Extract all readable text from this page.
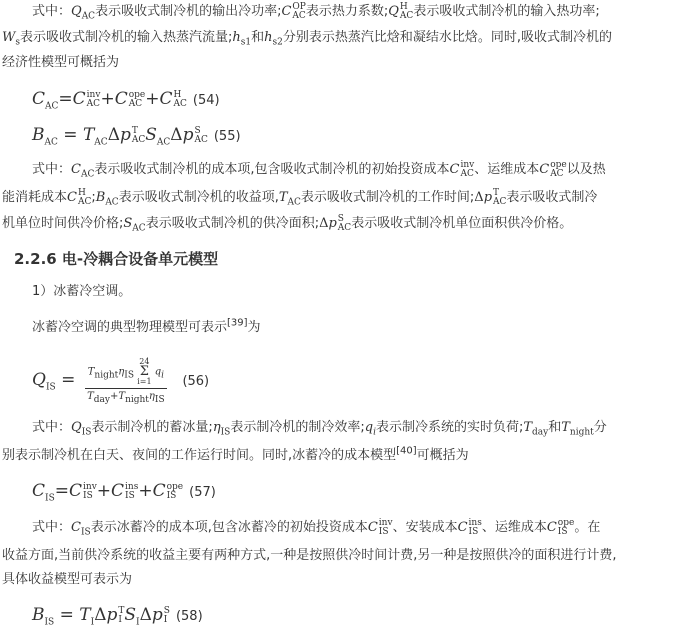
式中：$Q_{AC}$表示吸收式制冷机的输出冷功率;C OP
AC 表示热力系数;Q H
AC 表示吸收式制冷机的输入热功率;
$W_s$表示吸收式制冷机的输入热蒸汽流量$;h_{s1}$和$h_{s2}$分别表示热蒸汽比焓和凝结水比焓。同时,吸收式制冷机的
经济性模型可概括为
$C_{AC}=C$ inv
AC +C ope
AC +C H
AC (54)
$B_{AC} = T_{AC}\Delta p$ T
AC $S_{AC}\Delta p$ S
AC (55)
式中：$C_{AC}$表示吸收式制冷机的成本项,包含吸收式制冷机的初始投资成本C inv
AC 、运维成本C ope
AC 以及热
能消耗成本C H
AC $;B_{AC}$表示吸收式制冷机的收益项$,T_{AC}$表示吸收式制冷机的工作时间;Δp T
AC 表示吸收式制冷
机单位时间供冷价格$;S_{AC}$表示吸收式制冷机的供冷面积;Δp S
AC 表示吸收式制冷机单位面积供冷价格。
2.2.6 电-冷耦合设备单元模型
1）冰蓄冷空调。
冰蓄冷空调的典型物理模型可表示[39]为
$Q_{IS} = T_{night}\eta_{IS}$ 24
Σ
i=1 $q_i$
$T_{day}+T_{night}\eta_{IS}$ (56)
式中：$Q_{IS}$表示制冷机的蓄冰量$;\eta_{IS}$表示制冷机的制冷效率$;q_i$表示制冷系统的实时负荷$;T_{day}$和$T_{night}$分
别表示制冷机在白天、夜间的工作运行时间。同时,冰蓄冷的成本模型[40]可概括为
$C_{IS}=C$ inv
IS +C ins
IS +C ope
IS (57)
式中：$C_{IS}$表示冰蓄冷的成本项,包含冰蓄冷的初始投资成本C inv
IS 、安装成本C ins
IS 、运维成本C ope
IS 。在
收益方面,当前供冷系统的收益主要有两种方式,一种是按照供冷时间计费,另一种是按照供冷的面积进行计费,
具体收益模型可表示为
$B_{IS} = T_I\Delta p$ T
I $S_I\Delta p$ S
I (58)
